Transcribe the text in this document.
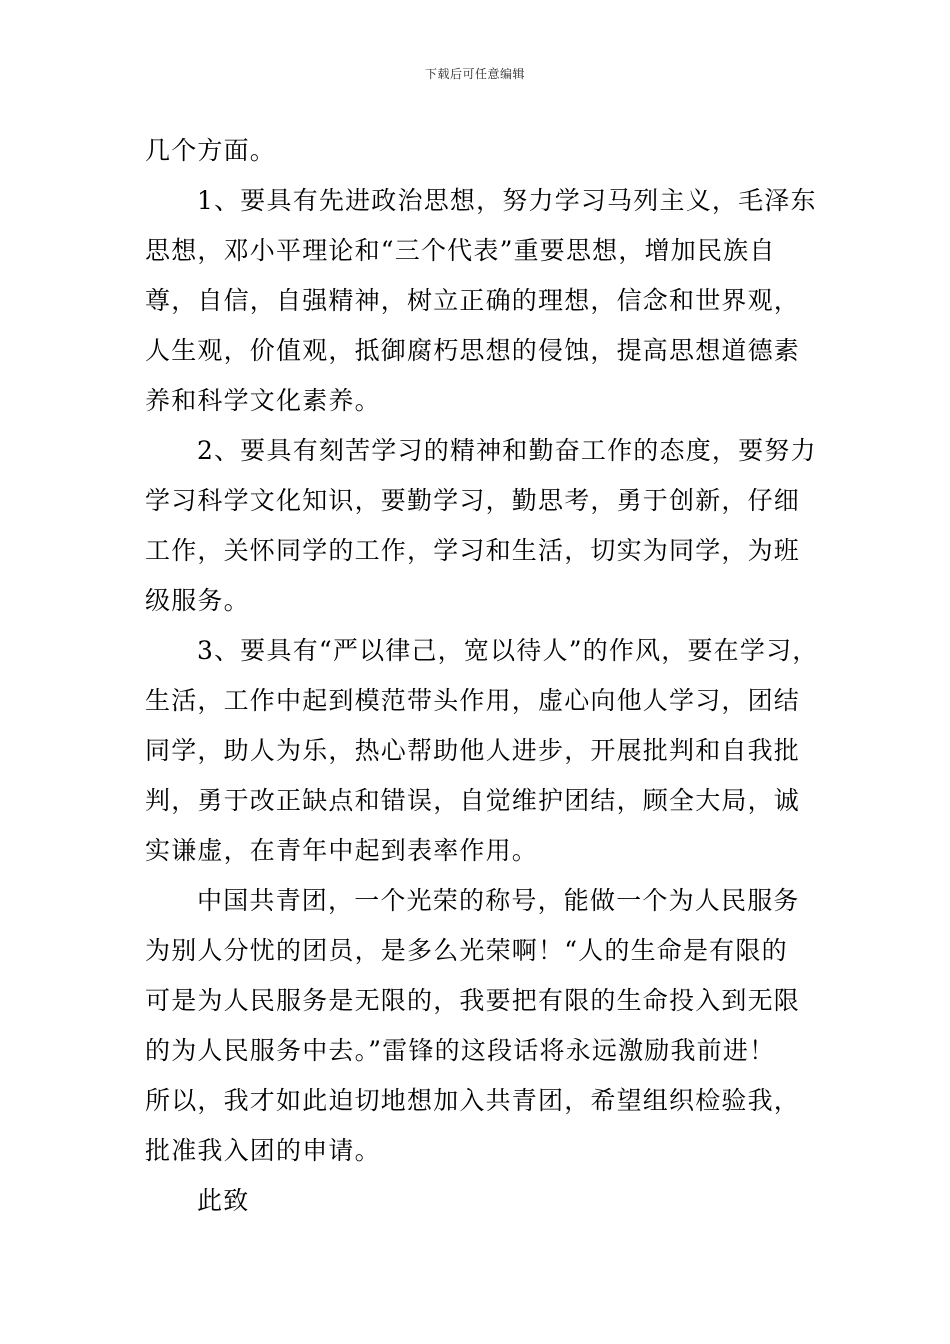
下载后可任意编辑
几个方面。
1、要具有先进政治思想，努力学习马列主义，毛泽东
思想，邓小平理论和“三个代表”重要思想，增加民族自
尊，自信，自强精神，树立正确的理想，信念和世界观，
人生观，价值观，抵御腐朽思想的侵蚀，提高思想道德素
养和科学文化素养。
2、要具有刻苦学习的精神和勤奋工作的态度，要努力
学习科学文化知识，要勤学习，勤思考，勇于创新，仔细
工作，关怀同学的工作，学习和生活，切实为同学，为班
级服务。
3、要具有“严以律己，宽以待人”的作风，要在学习，
生活，工作中起到模范带头作用，虚心向他人学习，团结
同学，助人为乐，热心帮助他人进步，开展批判和自我批
判，勇于改正缺点和错误，自觉维护团结，顾全大局，诚
实谦虚，在青年中起到表率作用。
中国共青团，一个光荣的称号，能做一个为人民服务
为别人分忧的团员，是多么光荣啊！“人的生命是有限的
可是为人民服务是无限的，我要把有限的生命投入到无限
的为人民服务中去。”雷锋的这段话将永远激励我前进！
所以，我才如此迫切地想加入共青团，希望组织检验我，
批准我入团的申请。
此致
